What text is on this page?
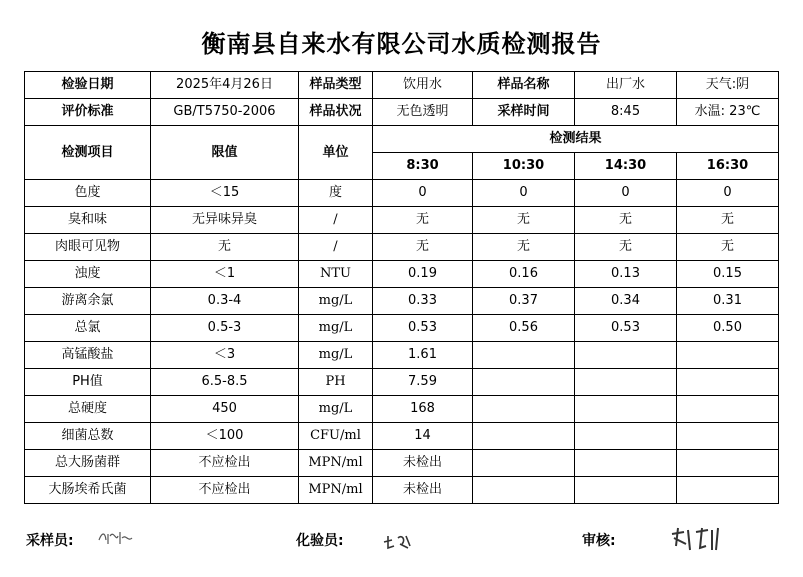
衡南县自来水有限公司水质检测报告
检验日期	2025年4月26日	样品类型	饮用水	样品名称	出厂水	天气:阴
评价标准	GB/T5750-2006	样品状况	无色透明	采样时间	8:45	水温: 23℃
检测项目	限值	单位	检测结果			
			8:30	10:30	14:30	16:30
色度	＜15	度	0	0	0	0
臭和味	无异味异臭	/	无	无	无	无
肉眼可见物	无	/	无	无	无	无
浊度	＜1	NTU	0.19	0.16	0.13	0.15
游离余氯	0.3-4	mg/L	0.33	0.37	0.34	0.31
总氯	0.5-3	mg/L	0.53	0.56	0.53	0.50
高锰酸盐	＜3	mg/L	1.61			
PH值	6.5-8.5	PH	7.59			
总硬度	450	mg/L	168			
细菌总数	＜100	CFU/ml	14			
总大肠菌群	不应检出	MPN/ml	未检出			
大肠埃希氏菌	不应检出	MPN/ml	未检出			
采样员:	化验员:	审核:
